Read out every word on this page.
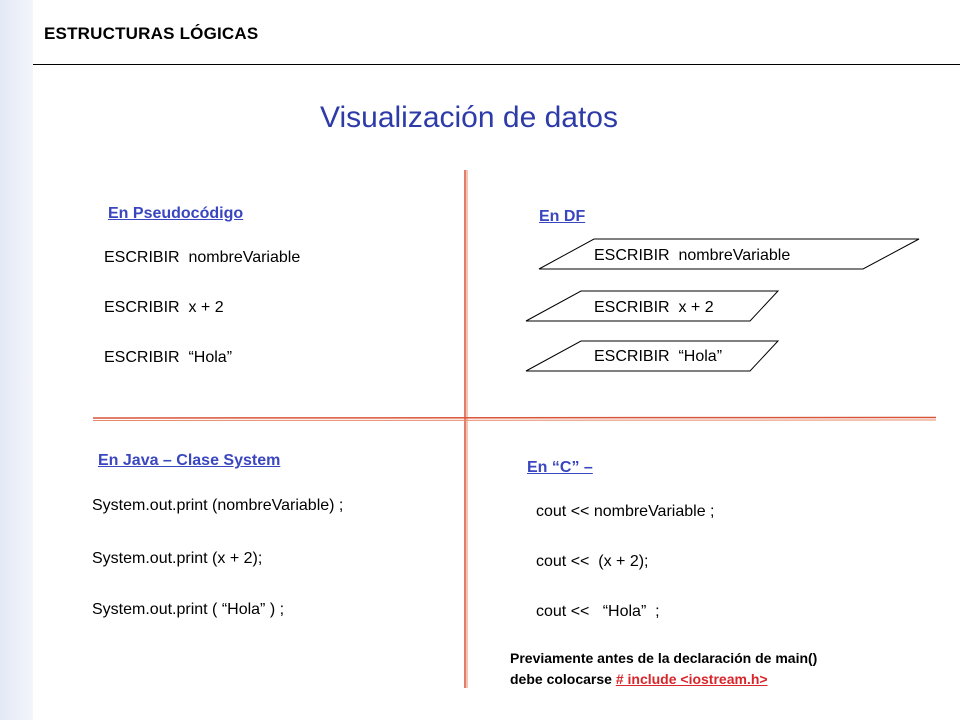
ESTRUCTURAS LÓGICAS
Visualización de datos
En Pseudocódigo
ESCRIBIR  nombreVariable
ESCRIBIR  x + 2
ESCRIBIR  “Hola”
En DF
ESCRIBIR  nombreVariable
ESCRIBIR  x + 2
ESCRIBIR  “Hola”
En Java – Clase System
System.out.print (nombreVariable) ;
System.out.print (x + 2);
System.out.print ( “Hola” ) ;
En “C” –
cout << nombreVariable ;
cout <<  (x + 2);
cout <<   “Hola”  ;
Previamente antes de la declaración de main()
debe colocarse # include <iostream.h>
